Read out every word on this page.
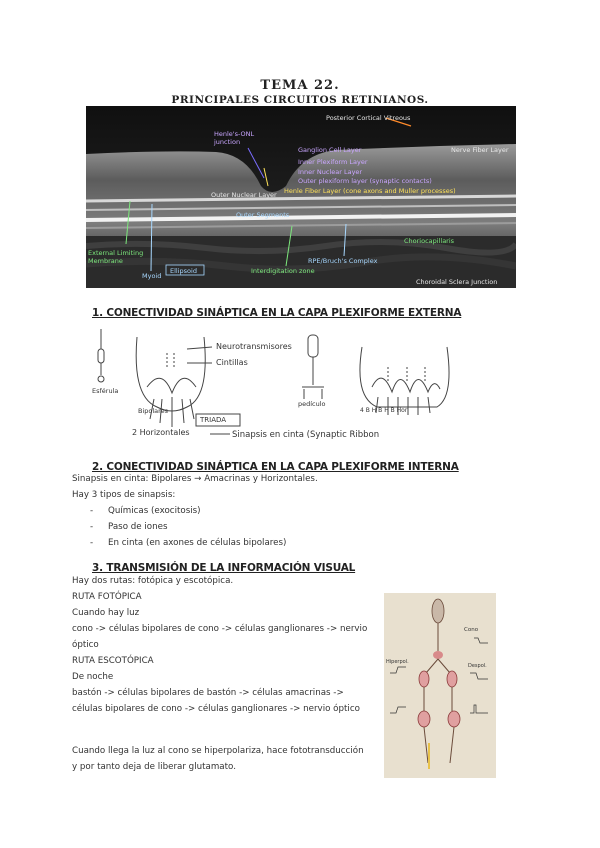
TEMA 22.
PRINCIPALES CIRCUITOS RETINIANOS.
Posterior Cortical Vitreous
Henle's-ONL
junction
Nerve Fiber Layer
Ganglion Cell Layer
Inner Plexiform Layer
Inner Nuclear Layer
Outer plexiform layer (synaptic contacts)
Henle Fiber Layer (cone axons and Muller processes)
Outer Nuclear Layer
Outer Segments
External Limiting
Membrane
Myoid
Ellipsoid	Interdigitation zone
RPE/Bruch's Complex
Choriocapillaris
Choroidal Sclera Junction
1. CONECTIVIDAD SINÁPTICA EN LA CAPA PLEXIFORME EXTERNA
Neurotransmisores
Cintillas
Esférula
Bipolares
2 Horizontales
TRIADA
pedículo
Sinapsis en cinta (Synaptic Ribbon
4 B H B H B Hor
2. CONECTIVIDAD SINÁPTICA EN LA CAPA PLEXIFORME INTERNA
Sinapsis en cinta: Bipolares → Amacrinas y Horizontales.
Hay 3 tipos de sinapsis:
- Químicas (exocitosis)
- Paso de iones
- En cinta (en axones de células bipolares)
3. TRANSMISIÓN DE LA INFORMACIÓN VISUAL
Hay dos rutas: fotópica y escotópica.
RUTA FOTÓPICA
Cuando hay luz
cono -> células bipolares de cono -> células ganglionares -> nervio
óptico
RUTA ESCOTÓPICA
De noche
bastón -> células bipolares de bastón -> células amacrinas ->
células bipolares de cono -> células ganglionares -> nervio óptico
Cuando llega la luz al cono se hiperpolariza, hace fototransducción
y por tanto deja de liberar glutamato.
Cono
Hiperpol.
Despol.
